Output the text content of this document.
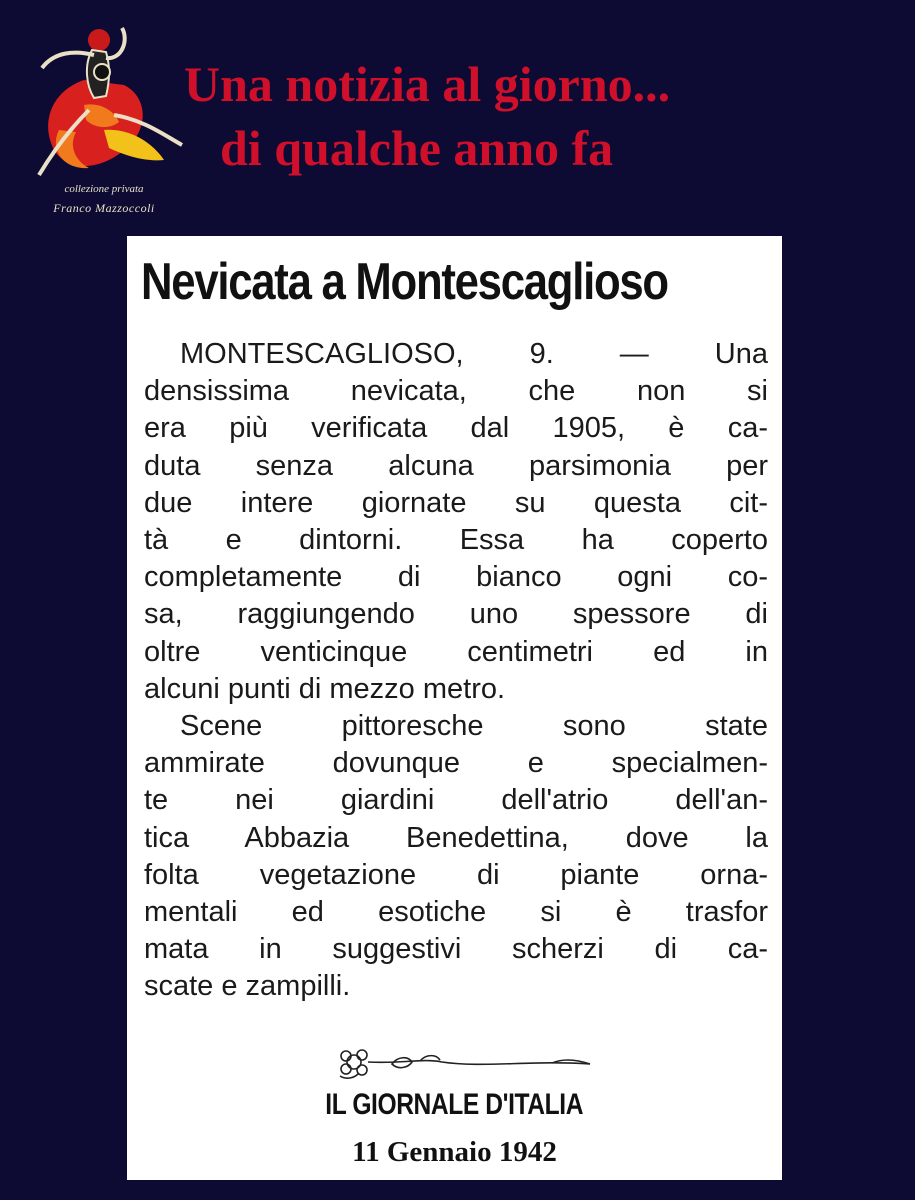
collezione privata
Franco Mazzoccoli
Una notizia al giorno...
di qualche anno fa
Nevicata a Montescaglioso
MONTESCAGLIOSO, 9. — Una
densissima nevicata, che non si
era più verificata dal 1905, è ca-
duta senza alcuna parsimonia per
due intere giornate su questa cit-
tà e dintorni. Essa ha coperto
completamente di bianco ogni co-
sa, raggiungendo uno spessore di
oltre venticinque centimetri ed in
alcuni punti di mezzo metro.
Scene pittoresche sono state
ammirate dovunque e specialmen-
te nei giardini dell'atrio dell'an-
tica Abbazia Benedettina, dove la
folta vegetazione di piante orna-
mentali ed esotiche si è trasfor
mata in suggestivi scherzi di ca-
scate e zampilli.
IL GIORNALE D'ITALIA
11 Gennaio 1942
